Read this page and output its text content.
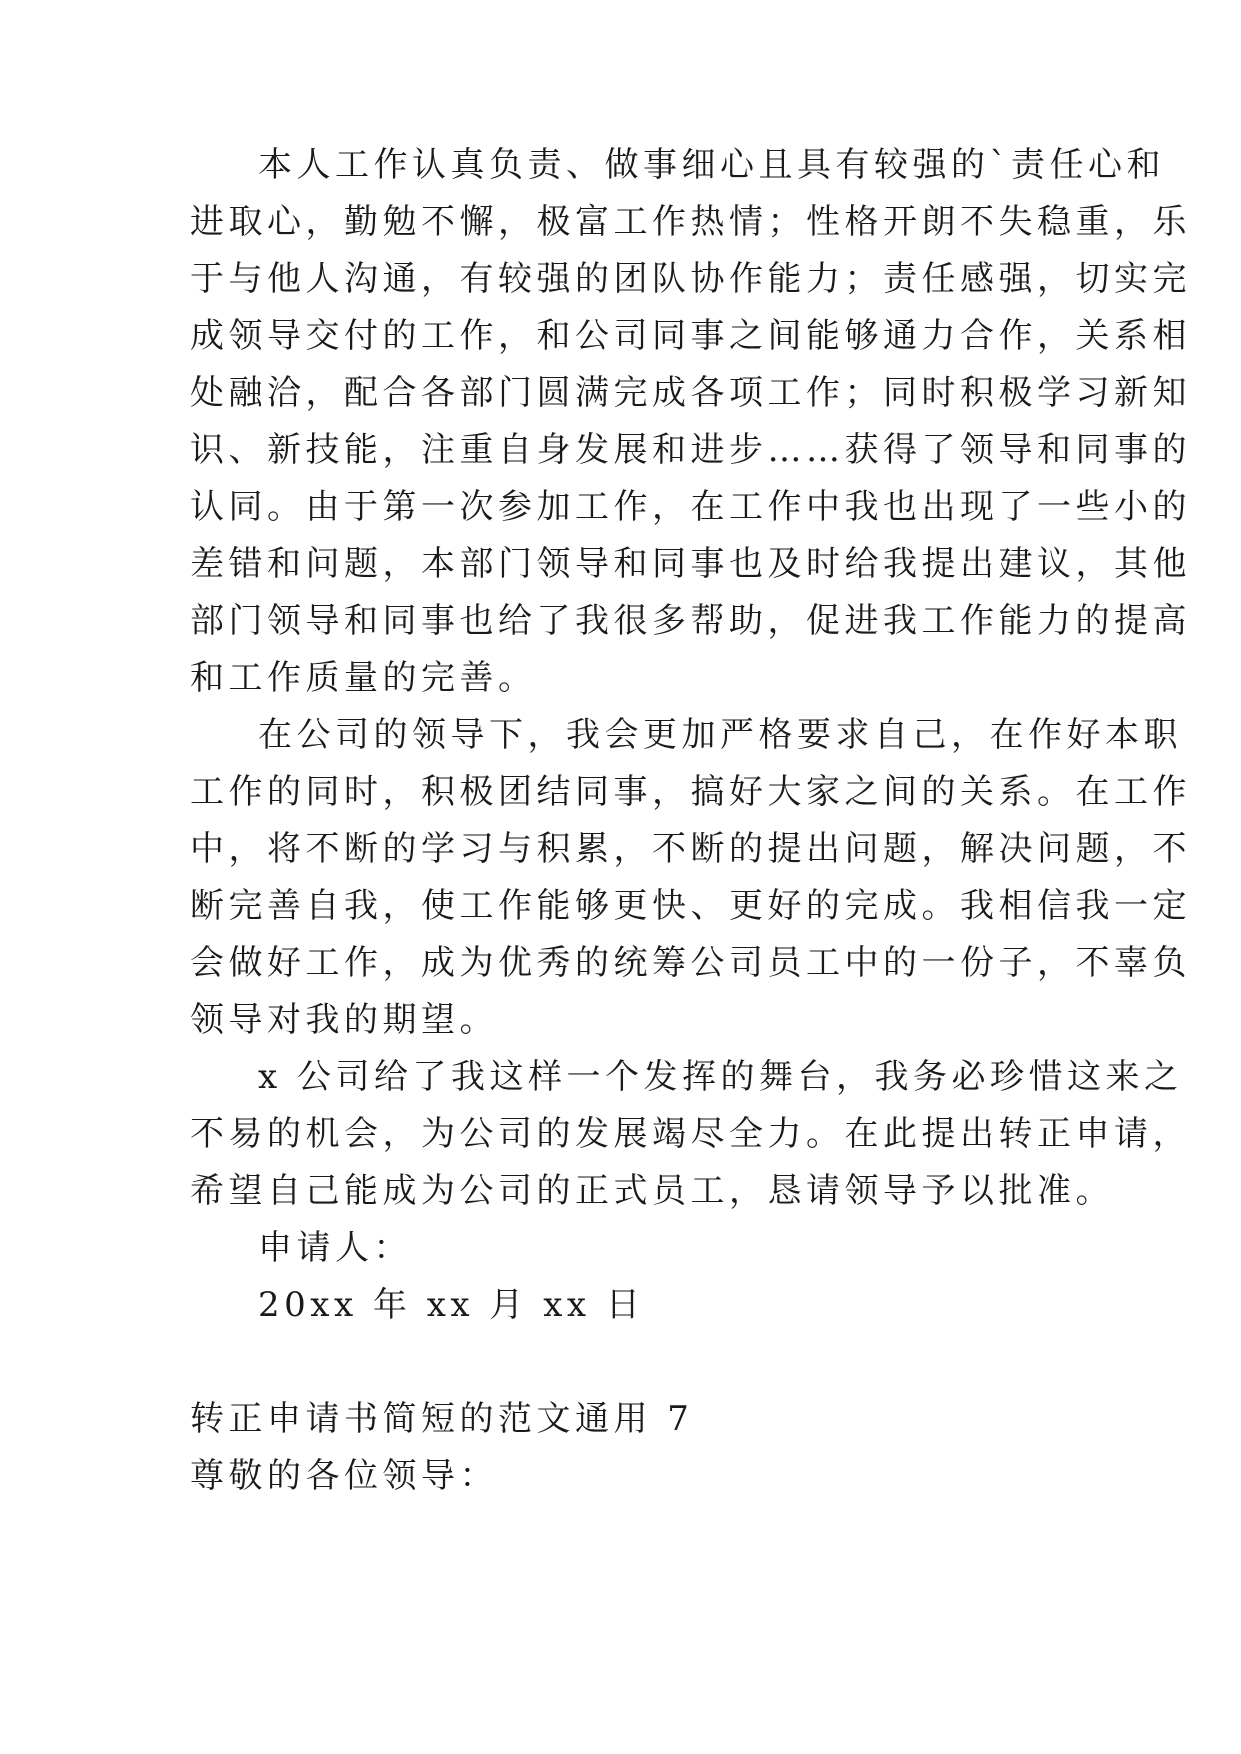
本人工作认真负责、做事细心且具有较强的`责任心和

进取心，勤勉不懈，极富工作热情；性格开朗不失稳重，乐

于与他人沟通，有较强的团队协作能力；责任感强，切实完

成领导交付的工作，和公司同事之间能够通力合作，关系相

处融洽，配合各部门圆满完成各项工作；同时积极学习新知

识、新技能，注重自身发展和进步……获得了领导和同事的

认同。由于第一次参加工作，在工作中我也出现了一些小的

差错和问题，本部门领导和同事也及时给我提出建议，其他

部门领导和同事也给了我很多帮助，促进我工作能力的提高

和工作质量的完善。

在公司的领导下，我会更加严格要求自己，在作好本职

工作的同时，积极团结同事，搞好大家之间的关系。在工作

中，将不断的学习与积累，不断的提出问题，解决问题，不

断完善自我，使工作能够更快、更好的完成。我相信我一定

会做好工作，成为优秀的统筹公司员工中的一份子，不辜负

领导对我的期望。

x 公司给了我这样一个发挥的舞台，我务必珍惜这来之

不易的机会，为公司的发展竭尽全力。在此提出转正申请，

希望自己能成为公司的正式员工，恳请领导予以批准。

申请人：

20xx 年 xx 月 xx 日

转正申请书简短的范文通用 7

尊敬的各位领导：
